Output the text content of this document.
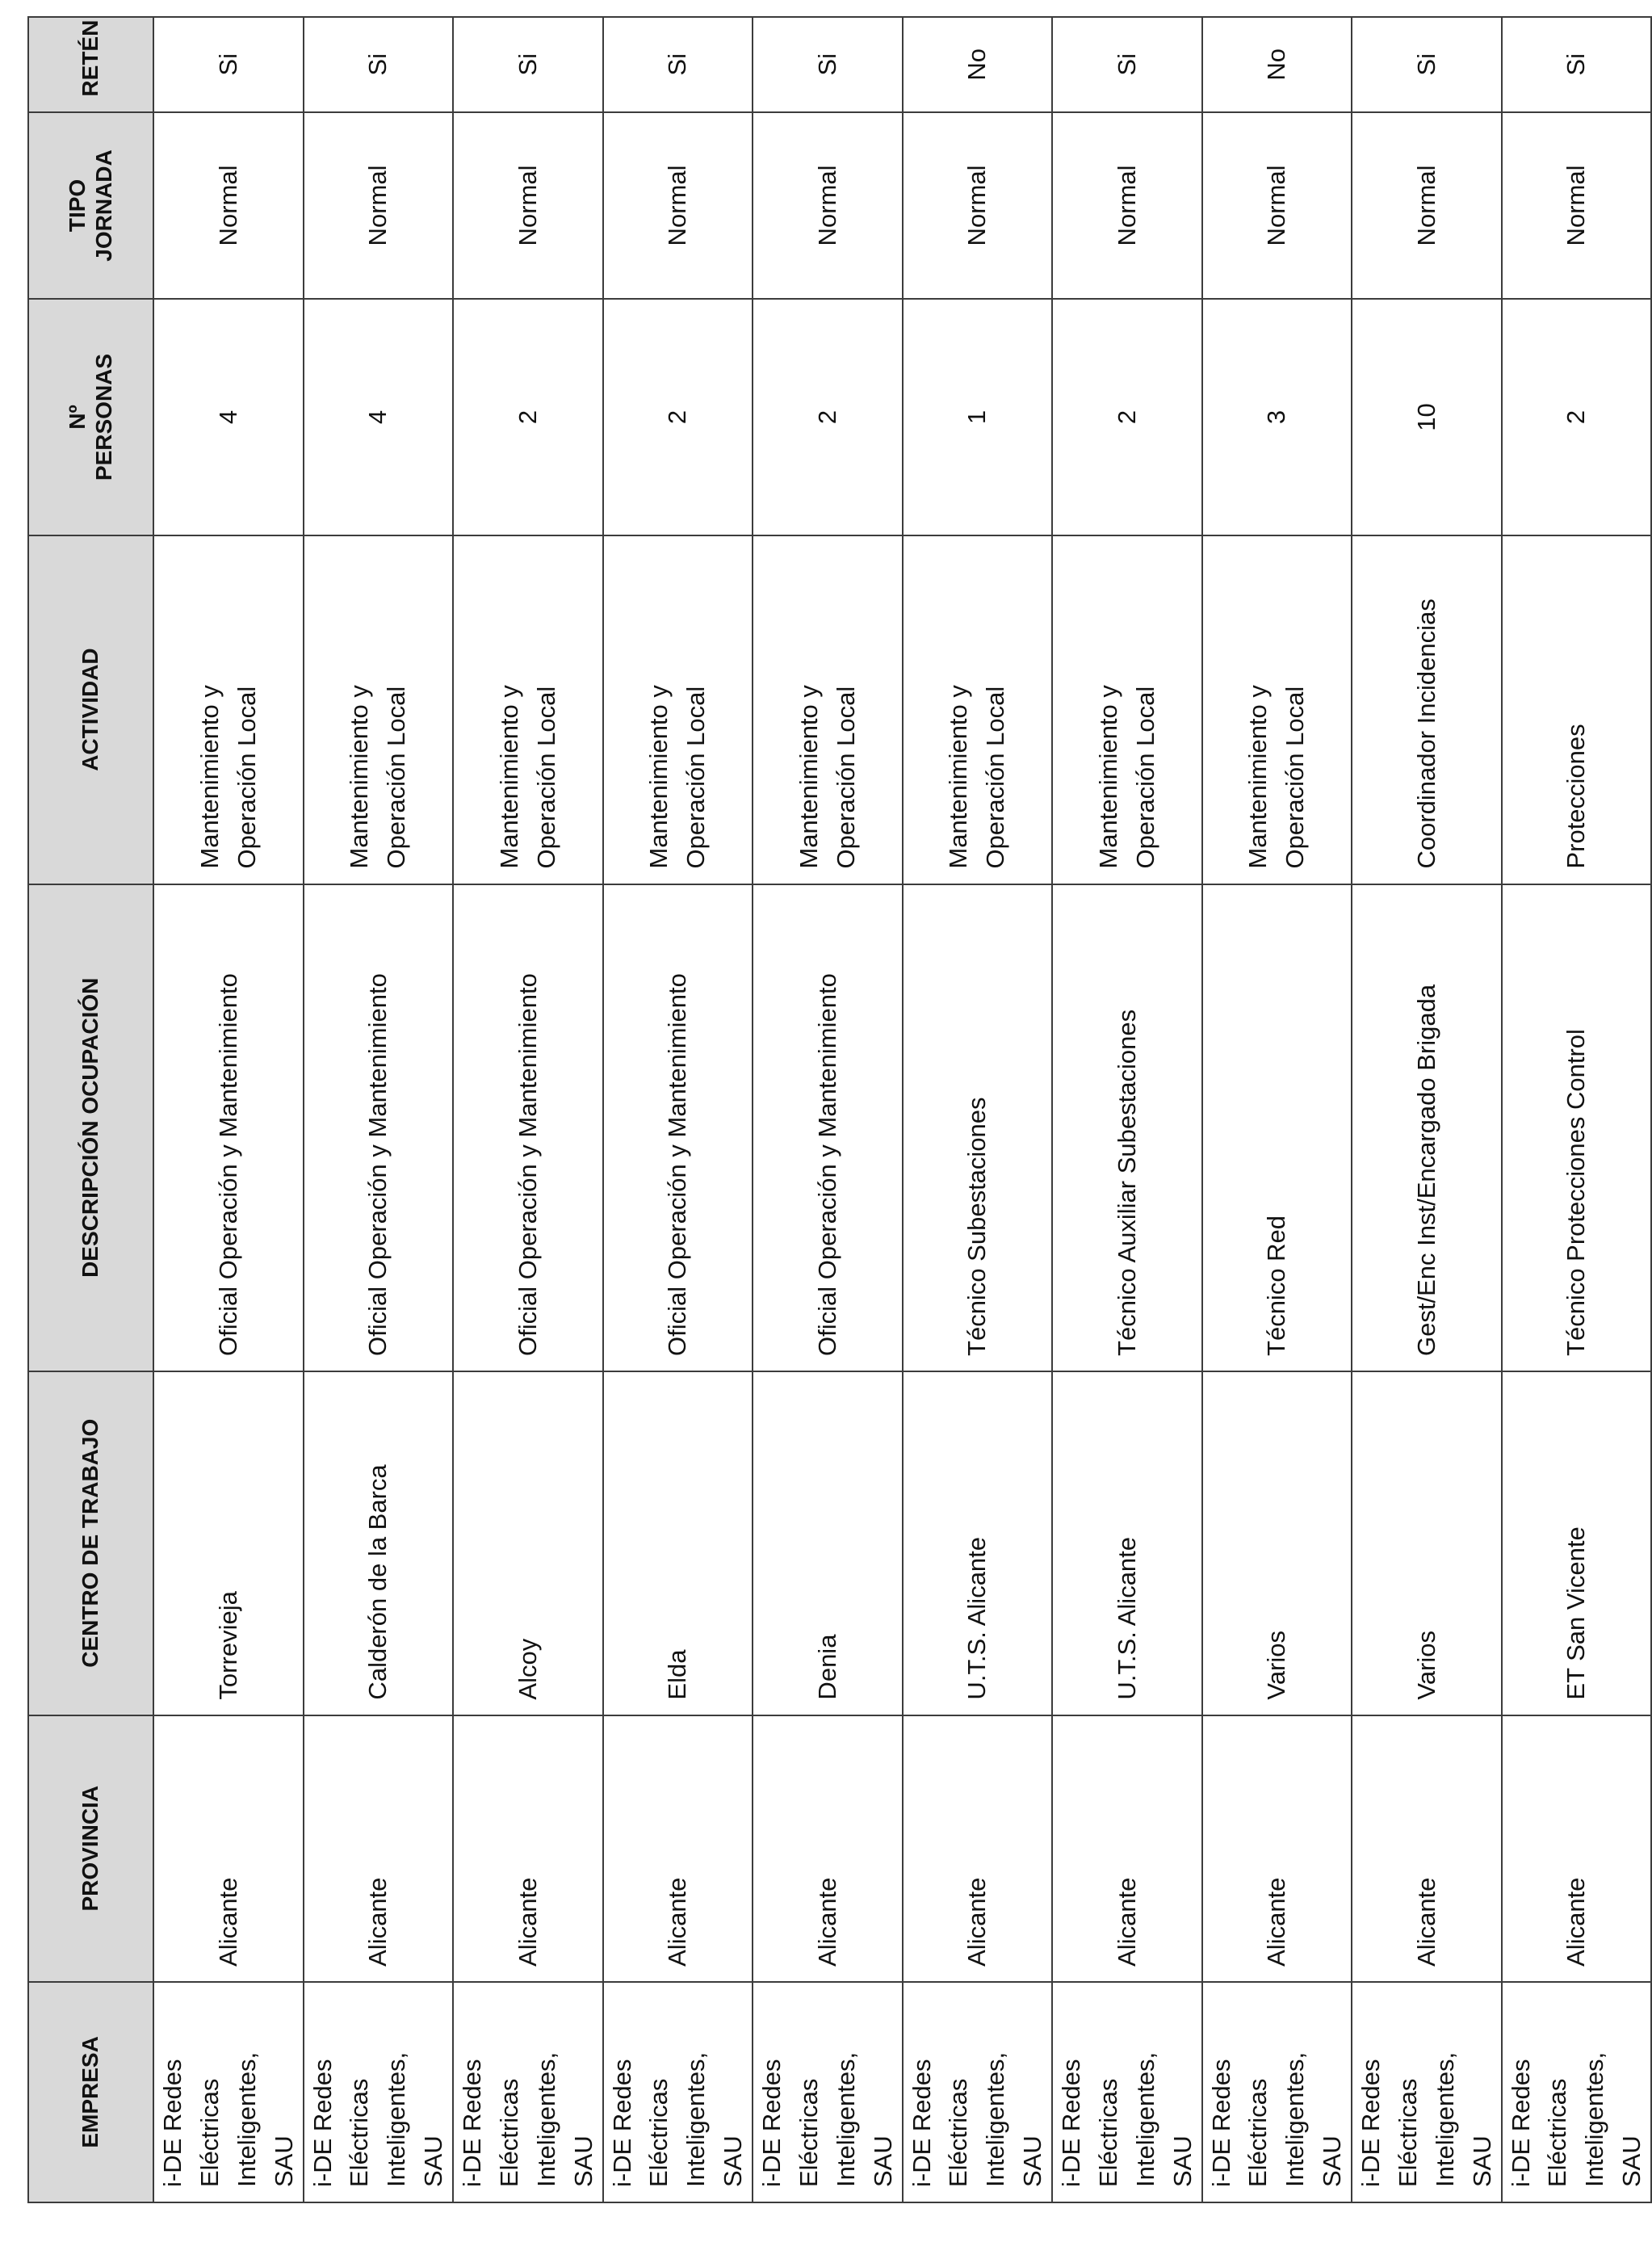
EMPRESA	PROVINCIA	CENTRO DE TRABAJO	DESCRIPCIÓN OCUPACIÓN	ACTIVIDAD	Nº PERSONAS	TIPO JORNADA	RETÉN

i-DE Redes Eléctricas Inteligentes, SAU	Alicante	Torrevieja	Oficial Operación y Mantenimiento	Mantenimiento y Operación Local	4	Normal	Si

i-DE Redes Eléctricas Inteligentes, SAU	Alicante	Calderón de la Barca	Oficial Operación y Mantenimiento	Mantenimiento y Operación Local	4	Normal	Si

i-DE Redes Eléctricas Inteligentes, SAU	Alicante	Alcoy	Oficial Operación y Mantenimiento	Mantenimiento y Operación Local	2	Normal	Si

i-DE Redes Eléctricas Inteligentes, SAU	Alicante	Elda	Oficial Operación y Mantenimiento	Mantenimiento y Operación Local	2	Normal	Si

i-DE Redes Eléctricas Inteligentes, SAU	Alicante	Denia	Oficial Operación y Mantenimiento	Mantenimiento y Operación Local	2	Normal	Si

i-DE Redes Eléctricas Inteligentes, SAU	Alicante	U.T.S. Alicante	Técnico Subestaciones	Mantenimiento y Operación Local	1	Normal	No

i-DE Redes Eléctricas Inteligentes, SAU	Alicante	U.T.S. Alicante	Técnico Auxiliar Subestaciones	Mantenimiento y Operación Local	2	Normal	Si

i-DE Redes Eléctricas Inteligentes, SAU	Alicante	Varios	Técnico Red	Mantenimiento y Operación Local	3	Normal	No

i-DE Redes Eléctricas Inteligentes, SAU	Alicante	Varios	Gest/Enc Inst/Encargado Brigada	Coordinador Incidencias	10	Normal	Si

i-DE Redes Eléctricas Inteligentes, SAU	Alicante	ET San Vicente	Técnico Protecciones Control	Protecciones	2	Normal	Si
